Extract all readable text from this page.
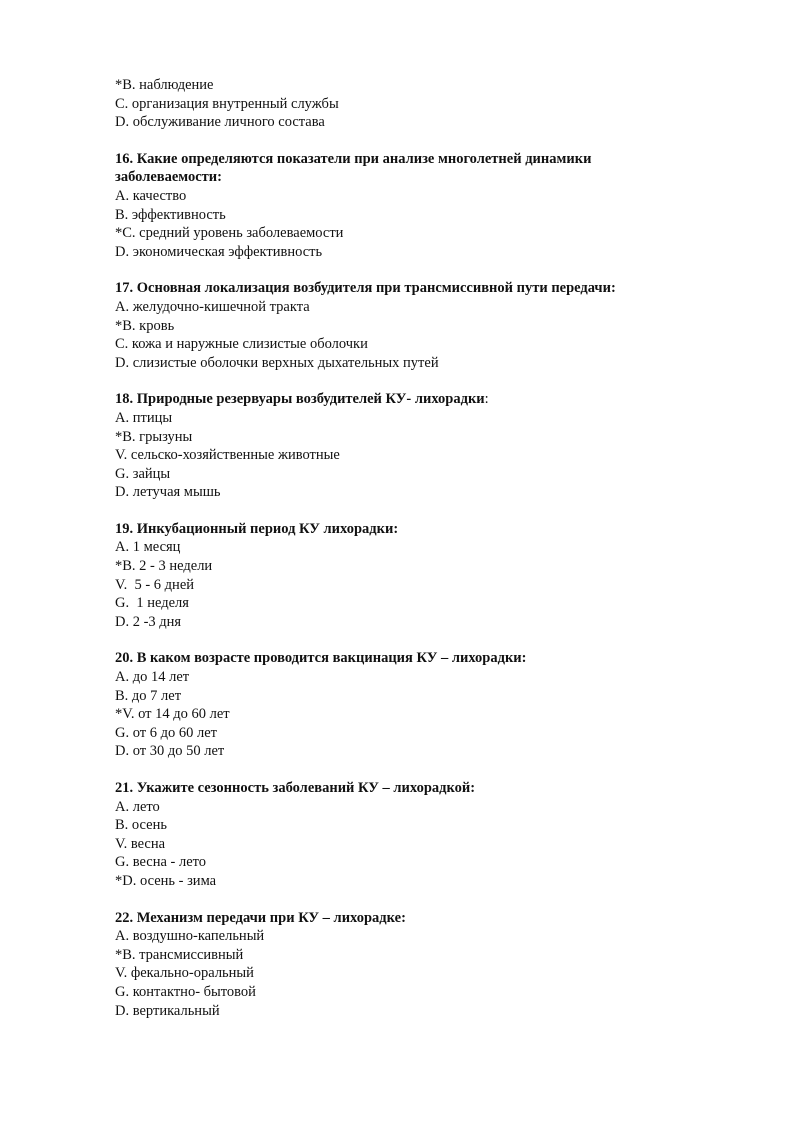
*B. наблюдение
C. организация внутренный службы
D. обслуживание личного состава
16. Какие определяются показатели при анализе многолетней динамики
заболеваемости:
A. качество
B. эффективность
*C. средний уровень заболеваемости
D. экономическая эффективность
17. Основная локализация возбудителя при трансмиссивной пути передачи:
A. желудочно-кишечной тракта
*B. кровь
C. кожа и наружные слизистые оболочки
D. слизистые оболочки верхных дыхательных путей
18. Природные резервуары возбудителей КУ- лихорадки:
A. птицы
*B. грызуны
V. сельско-хозяйственные животные
G. зайцы
D. летучая мышь
19. Инкубационный период КУ лихорадки:
A. 1 месяц
*B. 2 - 3 недели
V.  5 - 6 дней
G.  1 неделя
D. 2 -3 дня
20. В каком возрасте проводится вакцинация КУ – лихорадки:
A. до 14 лет
B. до 7 лет
*V. от 14 до 60 лет
G. от 6 до 60 лет
D. от 30 до 50 лет
21. Укажите сезонность заболеваний КУ – лихорадкой:
A. лето
B. осень
V. весна
G. весна - лето
*D. осень - зима
22. Механизм передачи при КУ – лихорадке:
A. воздушно-капельный
*B. трансмиссивный
V. фекально-оральный
G. контактно- бытовой
D. вертикальный
